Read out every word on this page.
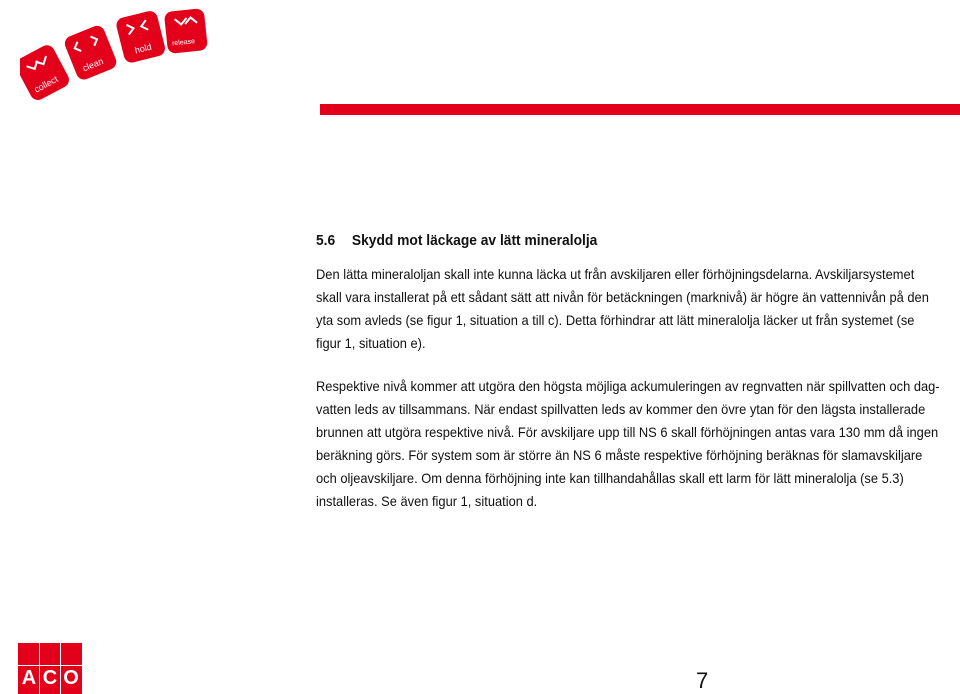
collect
clean
hold	release
5.6 Skydd mot läckage av lätt mineralolja

Den lätta mineraloljan skall inte kunna läcka ut från avskiljaren eller förhöjningsdelarna. Avskiljarsystemet skall vara installerat på ett sådant sätt att nivån för betäckningen (marknivå) är högre än vattennivån på den yta som avleds (se figur 1, situation a till c). Detta förhindrar att lätt mineralolja läcker ut från systemet (se figur 1, situation e).

Respektive nivå kommer att utgöra den högsta möjliga ackumuleringen av regnvatten när spillvatten och dag-vatten leds av tillsammans. När endast spillvatten leds av kommer den övre ytan för den lägsta installerade brunnen att utgöra respektive nivå. För avskiljare upp till NS 6 skall förhöjningen antas vara 130 mm då ingen beräkning görs. För system som är större än NS 6 måste respektive förhöjning beräknas för slamavskiljare och oljeavskiljare. Om denna förhöjning inte kan tillhandahållas skall ett larm för lätt mineralolja (se 5.3) installeras. Se även figur 1, situation d.

A C O	7
